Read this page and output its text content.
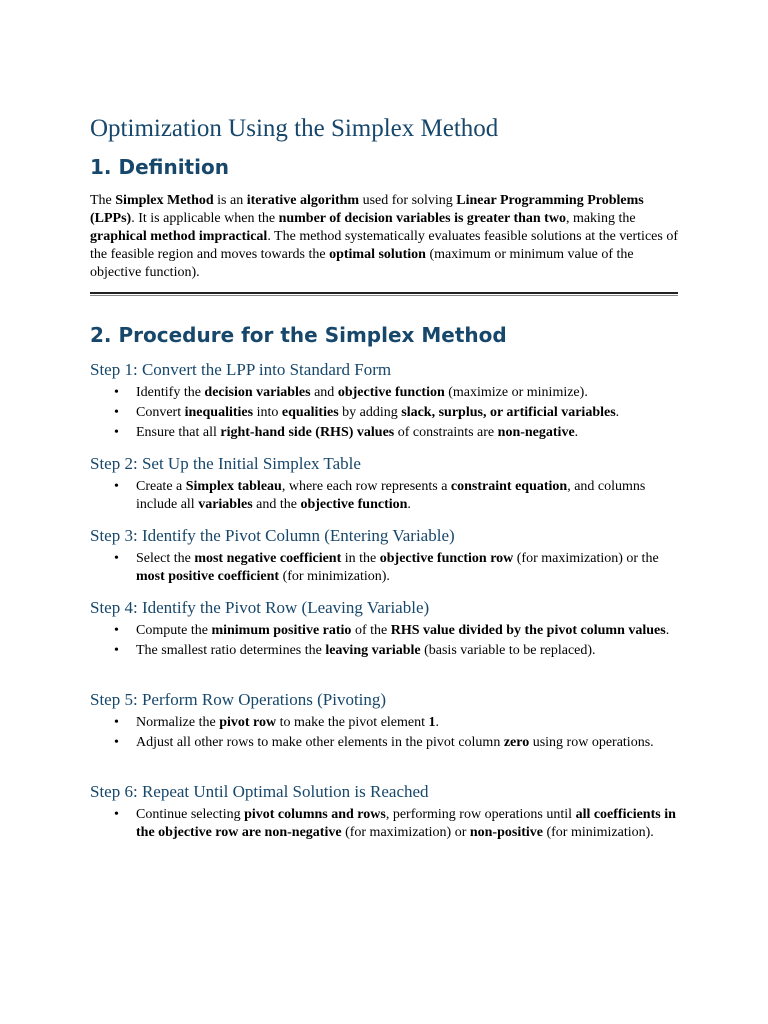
Optimization Using the Simplex Method
1. Definition

The Simplex Method is an iterative algorithm used for solving Linear Programming Problems (LPPs). It is applicable when the number of decision variables is greater than two, making the graphical method impractical. The method systematically evaluates feasible solutions at the vertices of the feasible region and moves towards the optimal solution (maximum or minimum value of the objective function).

2. Procedure for the Simplex Method
Step 1: Convert the LPP into Standard Form
• Identify the decision variables and objective function (maximize or minimize).
• Convert inequalities into equalities by adding slack, surplus, or artificial variables.
• Ensure that all right-hand side (RHS) values of constraints are non-negative.
Step 2: Set Up the Initial Simplex Table
• Create a Simplex tableau, where each row represents a constraint equation, and columns include all variables and the objective function.
Step 3: Identify the Pivot Column (Entering Variable)
• Select the most negative coefficient in the objective function row (for maximization) or the most positive coefficient (for minimization).
Step 4: Identify the Pivot Row (Leaving Variable)
• Compute the minimum positive ratio of the RHS value divided by the pivot column values.
• The smallest ratio determines the leaving variable (basis variable to be replaced).
Step 5: Perform Row Operations (Pivoting)
• Normalize the pivot row to make the pivot element 1.
• Adjust all other rows to make other elements in the pivot column zero using row operations.
Step 6: Repeat Until Optimal Solution is Reached
• Continue selecting pivot columns and rows, performing row operations until all coefficients in the objective row are non-negative (for maximization) or non-positive (for minimization).
